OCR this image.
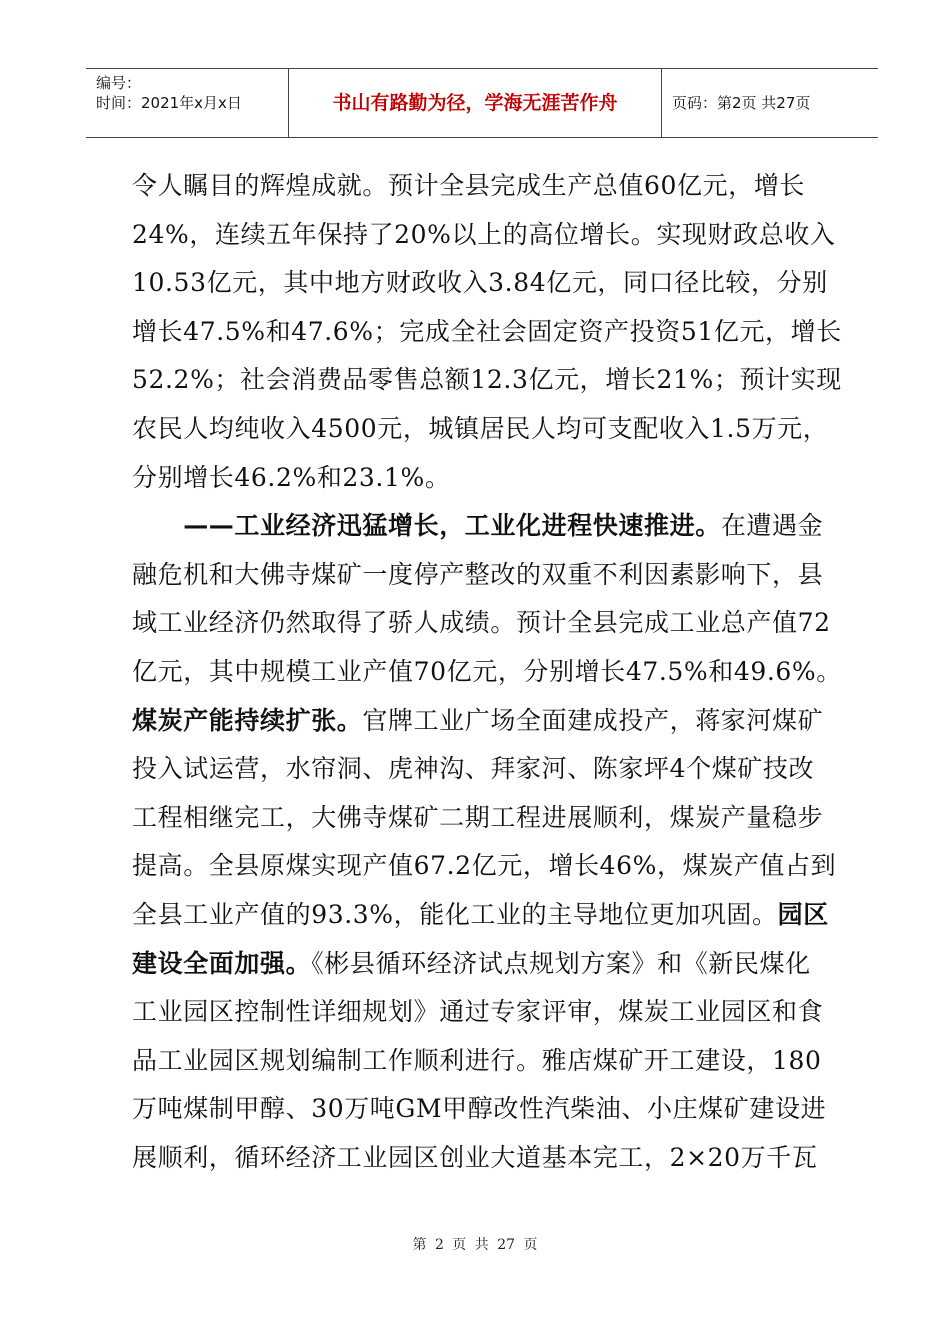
编号：
时间：2021年x月x日	书山有路勤为径，学海无涯苦作舟	页码：第2页 共27页
令人瞩目的辉煌成就。预计全县完成生产总值60亿元，增长
24%，连续五年保持了20%以上的高位增长。实现财政总收入
10.53亿元，其中地方财政收入3.84亿元，同口径比较，分别
增长47.5%和47.6%；完成全社会固定资产投资51亿元，增长
52.2%；社会消费品零售总额12.3亿元，增长21%；预计实现
农民人均纯收入4500元，城镇居民人均可支配收入1.5万元，
分别增长46.2%和23.1%。
　　——工业经济迅猛增长，工业化进程快速推进。在遭遇金
融危机和大佛寺煤矿一度停产整改的双重不利因素影响下，县
域工业经济仍然取得了骄人成绩。预计全县完成工业总产值72
亿元，其中规模工业产值70亿元，分别增长47.5%和49.6%。
煤炭产能持续扩张。官牌工业广场全面建成投产，蒋家河煤矿
投入试运营，水帘洞、虎神沟、拜家河、陈家坪4个煤矿技改
工程相继完工，大佛寺煤矿二期工程进展顺利，煤炭产量稳步
提高。全县原煤实现产值67.2亿元，增长46%，煤炭产值占到
全县工业产值的93.3%，能化工业的主导地位更加巩固。园区
建设全面加强。《彬县循环经济试点规划方案》和《新民煤化
工业园区控制性详细规划》通过专家评审，煤炭工业园区和食
品工业园区规划编制工作顺利进行。雅店煤矿开工建设，180
万吨煤制甲醇、30万吨GM甲醇改性汽柴油、小庄煤矿建设进
展顺利，循环经济工业园区创业大道基本完工，2×20万千瓦
第 2 页 共 27 页
